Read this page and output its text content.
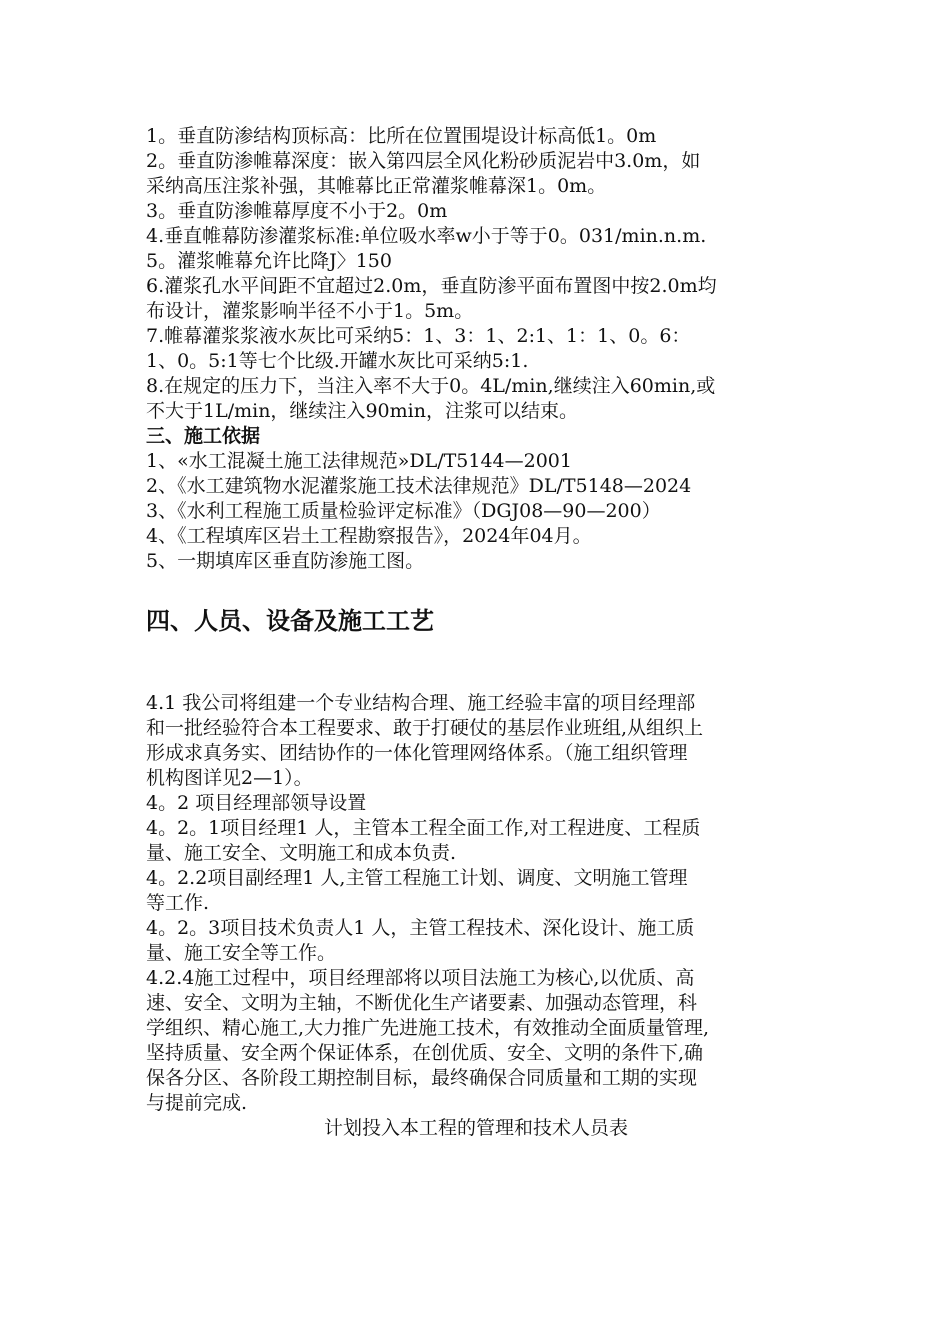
1。垂直防渗结构顶标高：比所在位置围堤设计标高低1。0m
2。垂直防渗帷幕深度：嵌入第四层全风化粉砂质泥岩中3.0m，如
采纳高压注浆补强，其帷幕比正常灌浆帷幕深1。0m。
3。垂直防渗帷幕厚度不小于2。0m
4.垂直帷幕防渗灌浆标准:单位吸水率w小于等于0。031/min.n.m.
5。灌浆帷幕允许比降J〉150
6.灌浆孔水平间距不宜超过2.0m，垂直防渗平面布置图中按2.0m均
布设计，灌浆影响半径不小于1。5m。
7.帷幕灌浆浆液水灰比可采纳5：1、3：1、2:1、1：1、0。6：
1、0。5:1等七个比级.开罐水灰比可采纳5:1.
8.在规定的压力下，当注入率不大于0。4L/min,继续注入60min,或
不大于1L/min，继续注入90min，注浆可以结束。
三、施工依据
1、«水工混凝土施工法律规范»DL/T5144—2001
2、《水工建筑物水泥灌浆施工技术法律规范》DL/T5148—2024
3、《水利工程施工质量检验评定标准》（DGJ08—90—200）
4、《工程填库区岩土工程勘察报告》，2024年04月。
5、一期填库区垂直防渗施工图。
四、人员、设备及施工工艺
4.1 我公司将组建一个专业结构合理、施工经验丰富的项目经理部
和一批经验符合本工程要求、敢于打硬仗的基层作业班组,从组织上
形成求真务实、团结协作的一体化管理网络体系。（施工组织管理
机构图详见2—1）。
4。2 项目经理部领导设置
4。2。1项目经理1 人，主管本工程全面工作,对工程进度、工程质
量、施工安全、文明施工和成本负责.
4。2.2项目副经理1 人,主管工程施工计划、调度、文明施工管理
等工作.
4。2。3项目技术负责人1 人，主管工程技术、深化设计、施工质
量、施工安全等工作。
4.2.4施工过程中，项目经理部将以项目法施工为核心,以优质、高
速、安全、文明为主轴，不断优化生产诸要素、加强动态管理，科
学组织、精心施工,大力推广先进施工技术，有效推动全面质量管理,
坚持质量、安全两个保证体系，在创优质、安全、文明的条件下,确
保各分区、各阶段工期控制目标，最终确保合同质量和工期的实现
与提前完成.
计划投入本工程的管理和技术人员表
